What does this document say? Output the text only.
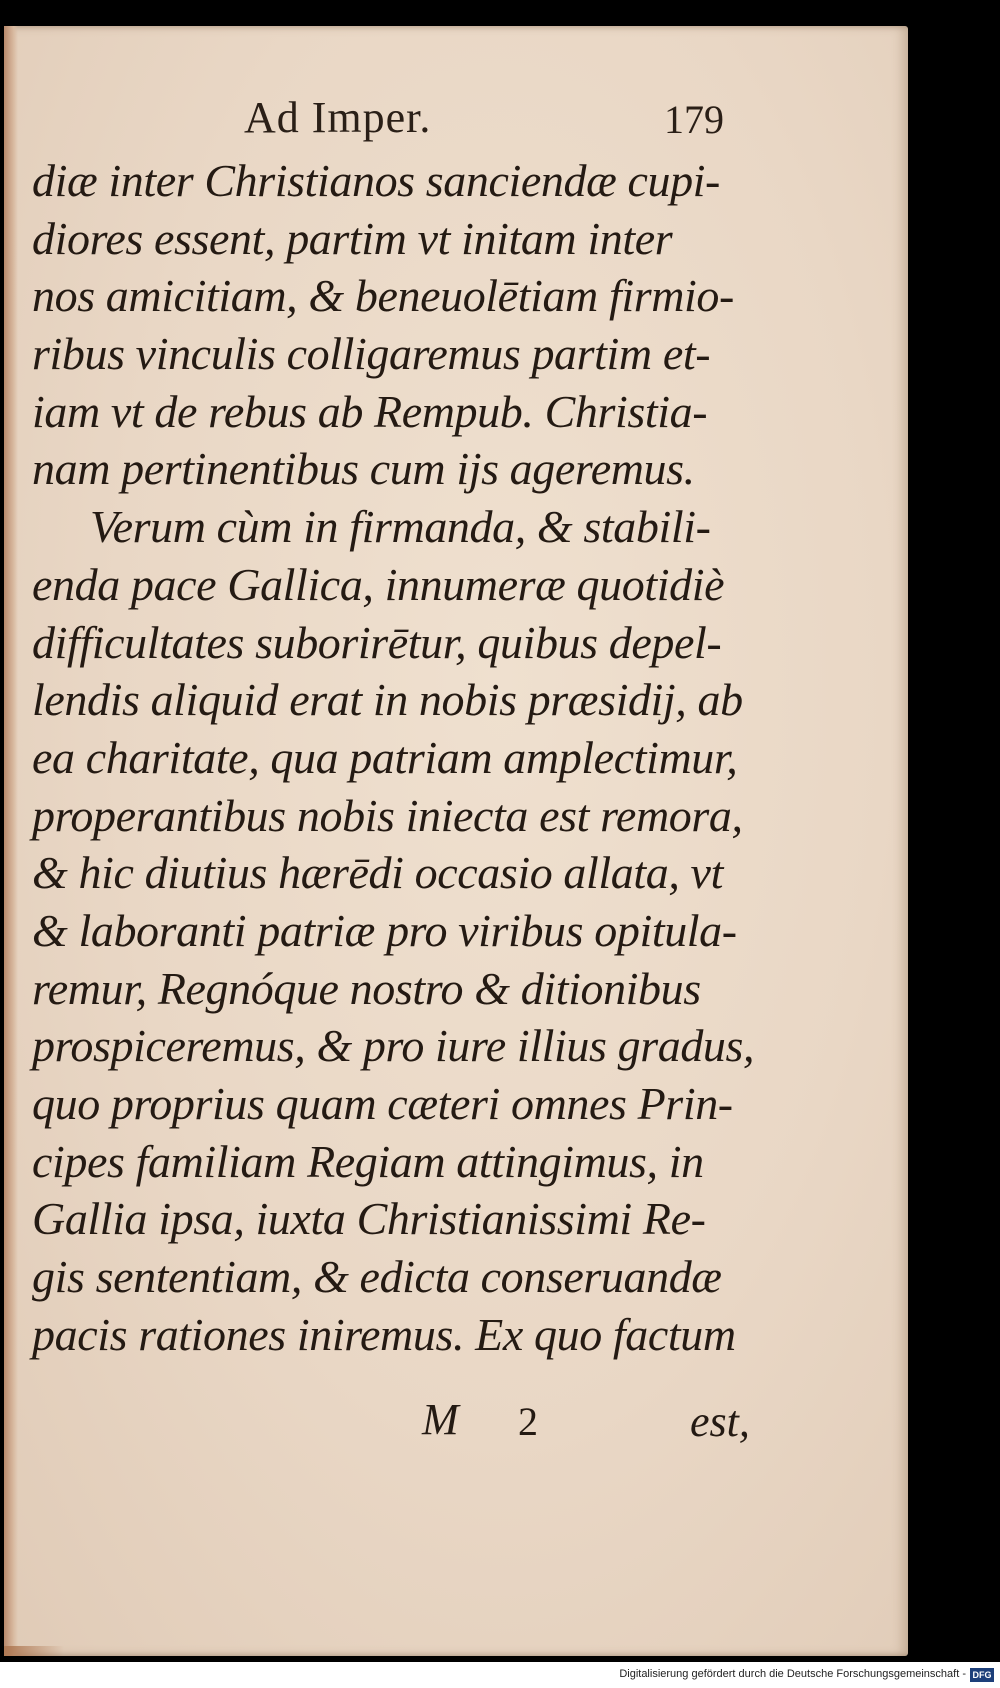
Ad Imper.	179
diæ inter Christianos sanciendæ cupi-
diores essent, partim vt initam inter
nos amicitiam, & beneuolētiam firmio-
ribus vinculis colligaremus partim et-
iam vt de rebus ab Rempub. Christia-
nam pertinentibus cum ijs ageremus.
Verum cùm in firmanda, & stabili-
enda pace Gallica, innumeræ quotidiè
difficultates suborirētur, quibus depel-
lendis aliquid erat in nobis præsidij, ab
ea charitate, qua patriam amplectimur,
properantibus nobis iniecta est remora,
& hic diutius hærēdi occasio allata, vt
& laboranti patriæ pro viribus opitula-
remur, Regnóque nostro & ditionibus
prospiceremus, & pro iure illius gradus,
quo proprius quam cæteri omnes Prin-
cipes familiam Regiam attingimus, in
Gallia ipsa, iuxta Christianissimi Re-
gis sententiam, & edicta conseruandæ
pacis rationes iniremus. Ex quo factum
M 2	est,
Digitalisierung gefördert durch die Deutsche Forschungsgemeinschaft - DFG
